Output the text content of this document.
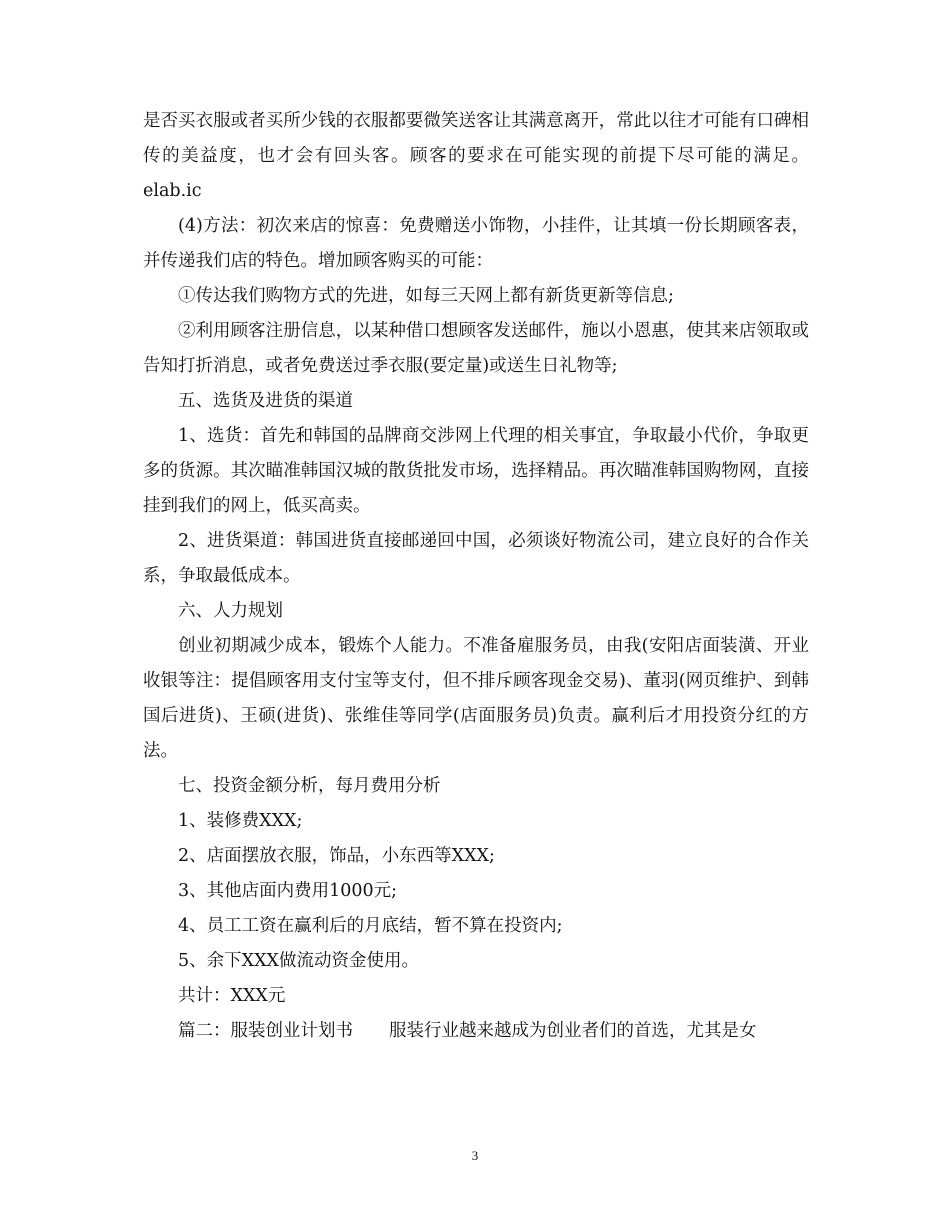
是否买衣服或者买所少钱的衣服都要微笑送客让其满意离开，常此以往才可能有口碑相传的美益度，也才会有回头客。顾客的要求在可能实现的前提下尽可能的满足。 elab.ic

(4)方法：初次来店的惊喜：免费赠送小饰物，小挂件，让其填一份长期顾客表，并传递我们店的特色。增加顾客购买的可能：

①传达我们购物方式的先进，如每三天网上都有新货更新等信息;

②利用顾客注册信息，以某种借口想顾客发送邮件，施以小恩惠，使其来店领取或告知打折消息，或者免费送过季衣服(要定量)或送生日礼物等;

五、选货及进货的渠道

1、选货：首先和韩国的品牌商交涉网上代理的相关事宜，争取最小代价，争取更多的货源。其次瞄准韩国汉城的散货批发市场，选择精品。再次瞄准韩国购物网，直接挂到我们的网上，低买高卖。

2、进货渠道：韩国进货直接邮递回中国，必须谈好物流公司，建立良好的合作关系，争取最低成本。

六、人力规划

创业初期减少成本，锻炼个人能力。不准备雇服务员，由我(安阳店面装潢、开业收银等注：提倡顾客用支付宝等支付，但不排斥顾客现金交易)、董羽(网页维护、到韩国后进货)、王硕(进货)、张维佳等同学(店面服务员)负责。赢利后才用投资分红的方法。

七、投资金额分析，每月费用分析

1、装修费XXX;

2、店面摆放衣服，饰品，小东西等XXX;

3、其他店面内费用1000元;

4、员工工资在赢利后的月底结，暂不算在投资内;

5、余下XXX做流动资金使用。

共计：XXX元

篇二：服装创业计划书 服装行业越来越成为创业者们的首选，尤其是女

3
